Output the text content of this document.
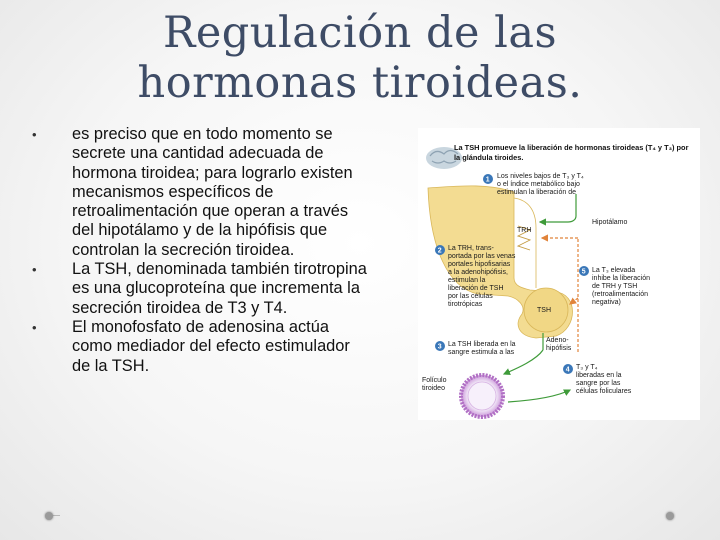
Regulación de las
hormonas tiroideas.
• es preciso que en todo momento se secrete una cantidad adecuada de hormona tiroidea; para lograrlo existen mecanismos específicos de retroalimentación que operan a través del hipotálamo y de la hipófisis que controlan la secreción tiroidea.
• La TSH, denominada también tirotropina es una glucoproteína que incrementa la secreción tiroidea de T3 y T4.
• El monofosfato de adenosina actúa como mediador del efecto estimulador de la TSH.
La TSH promueve la liberación de hormonas tiroideas (T₄ y T₃) por
la glándula tiroides.
1
Los niveles bajos de T₃ y T₄
o el índice metabólico bajo
estimulan la liberación de
2 La TRH, trans-
portada por las venas
portales hipofisarias
a la adenohipófisis,
estimulan la
liberación de TSH
por las células
tirotrópicas
3 La TSH liberada en la
sangre estimula a las
4 T₃ y T₄
liberadas en la
sangre por las
células foliculares
5 La T₃ elevada
inhibe la liberación
de TRH y TSH
(retroalimentación
negativa)
TRH
TSH
Hipotálamo
Adeno-
hipófisis
Folículo
tiroideo
